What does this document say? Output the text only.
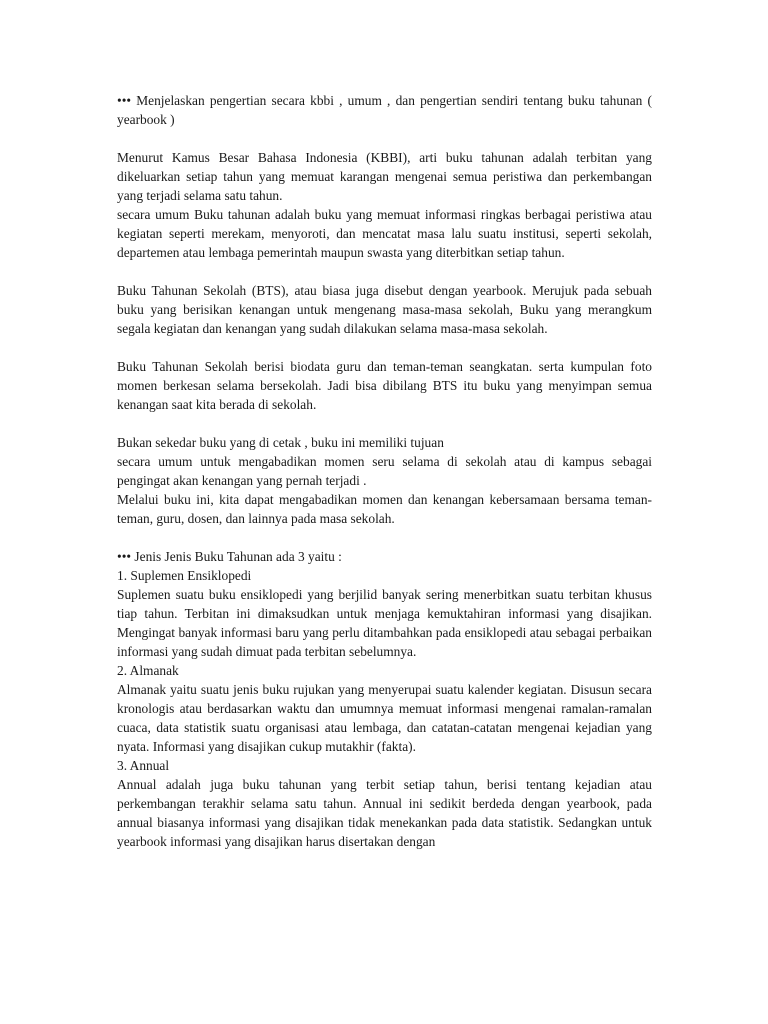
••• Menjelaskan pengertian secara kbbi , umum , dan pengertian sendiri tentang buku tahunan ( yearbook )

Menurut Kamus Besar Bahasa Indonesia (KBBI), arti buku tahunan adalah terbitan yang dikeluarkan setiap tahun yang memuat karangan mengenai semua peristiwa dan perkembangan yang terjadi selama satu tahun.

secara umum Buku tahunan adalah buku yang memuat informasi ringkas berbagai peristiwa atau kegiatan seperti merekam, menyoroti, dan mencatat masa lalu suatu institusi, seperti sekolah, departemen atau lembaga pemerintah maupun swasta yang diterbitkan setiap tahun.

Buku Tahunan Sekolah (BTS), atau biasa juga disebut dengan yearbook. Merujuk pada sebuah buku yang berisikan kenangan untuk mengenang masa-masa sekolah, Buku yang merangkum segala kegiatan dan kenangan yang sudah dilakukan selama masa-masa sekolah.

Buku Tahunan Sekolah berisi biodata guru dan teman-teman seangkatan. serta kumpulan foto momen berkesan selama bersekolah. Jadi bisa dibilang BTS itu buku yang menyimpan semua kenangan saat kita berada di sekolah.

Bukan sekedar buku yang di cetak , buku ini memiliki tujuan

secara umum untuk mengabadikan momen seru selama di sekolah atau di kampus sebagai pengingat akan kenangan yang pernah terjadi .

Melalui buku ini, kita dapat mengabadikan momen dan kenangan kebersamaan bersama teman-teman, guru, dosen, dan lainnya pada masa sekolah.

••• Jenis Jenis Buku Tahunan ada 3 yaitu :

1. Suplemen Ensiklopedi

Suplemen suatu buku ensiklopedi yang berjilid banyak sering menerbitkan suatu terbitan khusus tiap tahun. Terbitan ini dimaksudkan untuk menjaga kemuktahiran informasi yang disajikan. Mengingat banyak informasi baru yang perlu ditambahkan pada ensiklopedi atau sebagai perbaikan informasi yang sudah dimuat pada terbitan sebelumnya.

2. Almanak

Almanak yaitu suatu jenis buku rujukan yang menyerupai suatu kalender kegiatan. Disusun secara kronologis atau berdasarkan waktu dan umumnya memuat informasi mengenai ramalan-ramalan cuaca, data statistik suatu organisasi atau lembaga, dan catatan-catatan mengenai kejadian yang nyata. Informasi yang disajikan cukup mutakhir (fakta).

3. Annual

Annual adalah juga buku tahunan yang terbit setiap tahun, berisi tentang kejadian atau perkembangan terakhir selama satu tahun. Annual ini sedikit berdeda dengan yearbook, pada annual biasanya informasi yang disajikan tidak menekankan pada data statistik. Sedangkan untuk yearbook informasi yang disajikan harus disertakan dengan
